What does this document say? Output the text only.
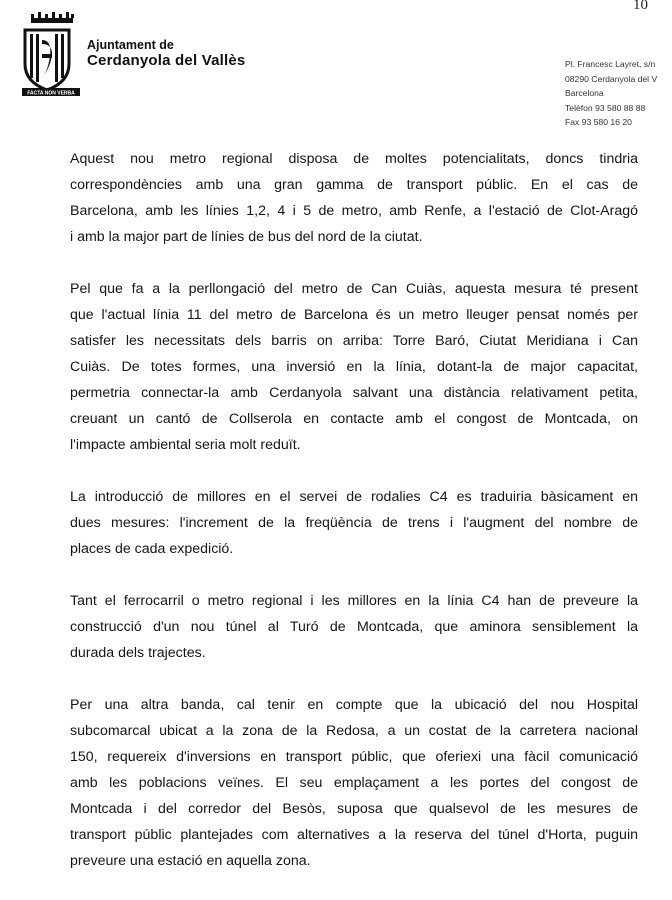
10
FACTA NON VERBA
Ajuntament de
Cerdanyola del Vallès	Pl. Francesc Layret, s/n
08290 Cerdanyola del V
Barcelona
Telèfon 93 580 88 88
Fax 93 580 16 20
Aquest nou metro regional disposa de moltes potencialitats, doncs tindria
correspondències amb una gran gamma de transport públic. En el cas de
Barcelona, amb les línies 1,2, 4 i 5 de metro, amb Renfe, a l'estació de Clot-Aragó
i amb la major part de línies de bus del nord de la ciutat.
Pel que fa a la perllongació del metro de Can Cuiàs, aquesta mesura té present
que l'actual línia 11 del metro de Barcelona és un metro lleuger pensat només per
satisfer les necessitats dels barris on arriba: Torre Baró, Ciutat Meridiana i Can
Cuiàs. De totes formes, una inversió en la línia, dotant-la de major capacitat,
permetria connectar-la amb Cerdanyola salvant una distància relativament petita,
creuant un cantó de Collserola en contacte amb el congost de Montcada, on
l'impacte ambiental seria molt reduït.
La introducció de millores en el servei de rodalies C4 es traduiria bàsicament en
dues mesures: l'increment de la freqüència de trens i l'augment del nombre de
places de cada expedició.
Tant el ferrocarril o metro regional i les millores en la línia C4 han de preveure la
construcció d'un nou túnel al Turó de Montcada, que aminora sensiblement la
durada dels trajectes.
Per una altra banda, cal tenir en compte que la ubicació del nou Hospital
subcomarcal ubicat a la zona de la Redosa, a un costat de la carretera nacional
150, requereix d'inversions en transport públic, que oferiexi una fàcil comunicació
amb les poblacions veïnes. El seu emplaçament a les portes del congost de
Montcada i del corredor del Besòs, suposa que qualsevol de les mesures de
transport públic plantejades com alternatives a la reserva del túnel d'Horta, puguin
preveure una estació en aquella zona.
